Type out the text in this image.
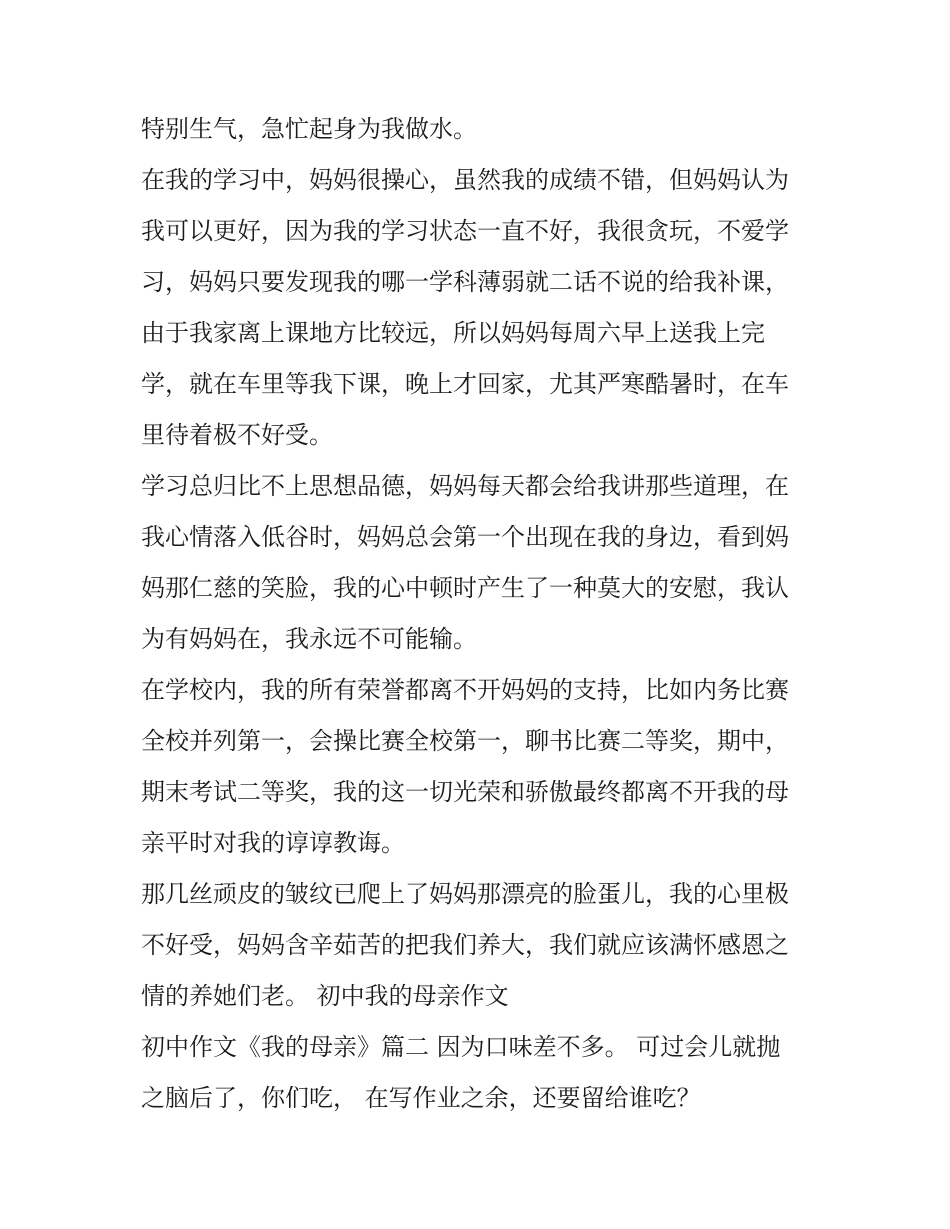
特别生气，急忙起身为我做水。
在我的学习中，妈妈很操心，虽然我的成绩不错，但妈妈认为
我可以更好，因为我的学习状态一直不好，我很贪玩，不爱学
习，妈妈只要发现我的哪一学科薄弱就二话不说的给我补课，
由于我家离上课地方比较远，所以妈妈每周六早上送我上完
学，就在车里等我下课，晚上才回家，尤其严寒酷暑时，在车
里待着极不好受。
学习总归比不上思想品德，妈妈每天都会给我讲那些道理，在
我心情落入低谷时，妈妈总会第一个出现在我的身边，看到妈
妈那仁慈的笑脸，我的心中顿时产生了一种莫大的安慰，我认
为有妈妈在，我永远不可能输。
在学校内，我的所有荣誉都离不开妈妈的支持，比如内务比赛
全校并列第一，会操比赛全校第一，聊书比赛二等奖，期中，
期末考试二等奖，我的这一切光荣和骄傲最终都离不开我的母
亲平时对我的谆谆教诲。
那几丝顽皮的皱纹已爬上了妈妈那漂亮的脸蛋儿，我的心里极
不好受，妈妈含辛茹苦的把我们养大，我们就应该满怀感恩之
情的养她们老。 初中我的母亲作文
初中作文《我的母亲》篇二 因为口味差不多。 可过会儿就抛
之脑后了，你们吃， 在写作业之余，还要留给谁吃？
